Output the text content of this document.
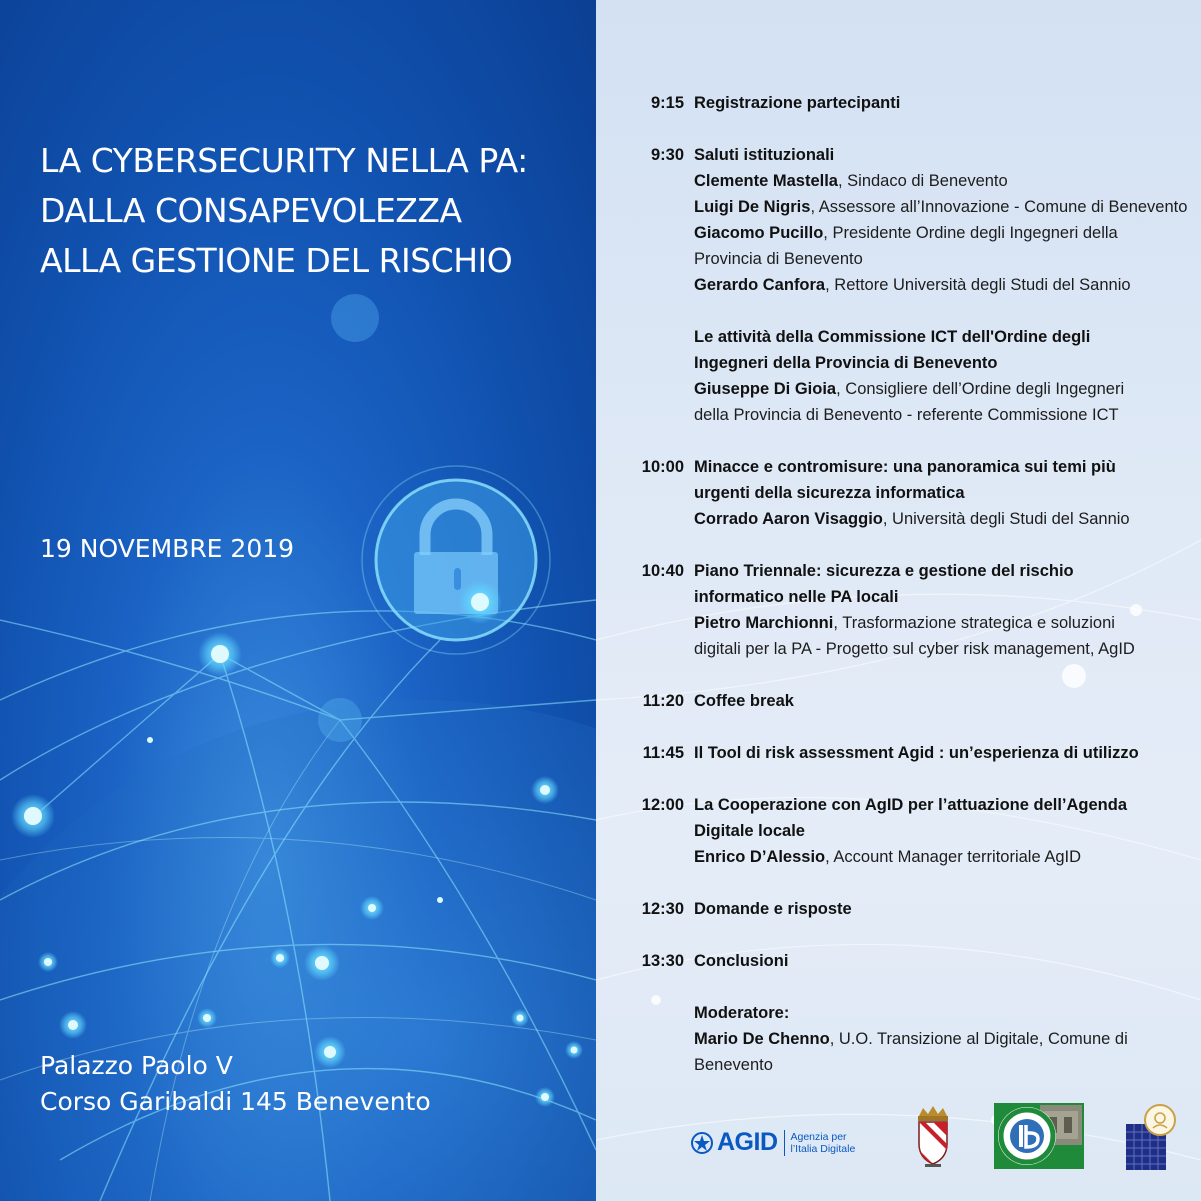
LA CYBERSECURITY NELLA PA:
DALLA CONSAPEVOLEZZA
ALLA GESTIONE DEL RISCHIO
19 NOVEMBRE 2019
Palazzo Paolo V
Corso Garibaldi 145 Benevento
9:15 Registrazione partecipanti
9:30 Saluti istituzionali
Clemente Mastella, Sindaco di Benevento
Luigi De Nigris, Assessore all’Innovazione - Comune di Benevento
Giacomo Pucillo, Presidente Ordine degli Ingegneri della
Provincia di Benevento
Gerardo Canfora, Rettore Università degli Studi del Sannio
Le attività della Commissione ICT dell'Ordine degli
Ingegneri della Provincia di Benevento
Giuseppe Di Gioia, Consigliere dell’Ordine degli Ingegneri
della Provincia di Benevento - referente Commissione ICT
10:00 Minacce e contromisure: una panoramica sui temi più
urgenti della sicurezza informatica
Corrado Aaron Visaggio, Università degli Studi del Sannio
10:40 Piano Triennale: sicurezza e gestione del rischio
informatico nelle PA locali
Pietro Marchionni, Trasformazione strategica e soluzioni
digitali per la PA - Progetto sul cyber risk management, AgID
11:20 Coffee break
11:45 Il Tool di risk assessment Agid : un’esperienza di utilizzo
12:00 La Cooperazione con AgID per l’attuazione dell’Agenda
Digitale locale
Enrico D’Alessio, Account Manager territoriale AgID
12:30 Domande e risposte
13:30 Conclusioni
Moderatore:
Mario De Chenno, U.O. Transizione al Digitale, Comune di
Benevento
AGID Agenzia per
l’Italia Digitale
